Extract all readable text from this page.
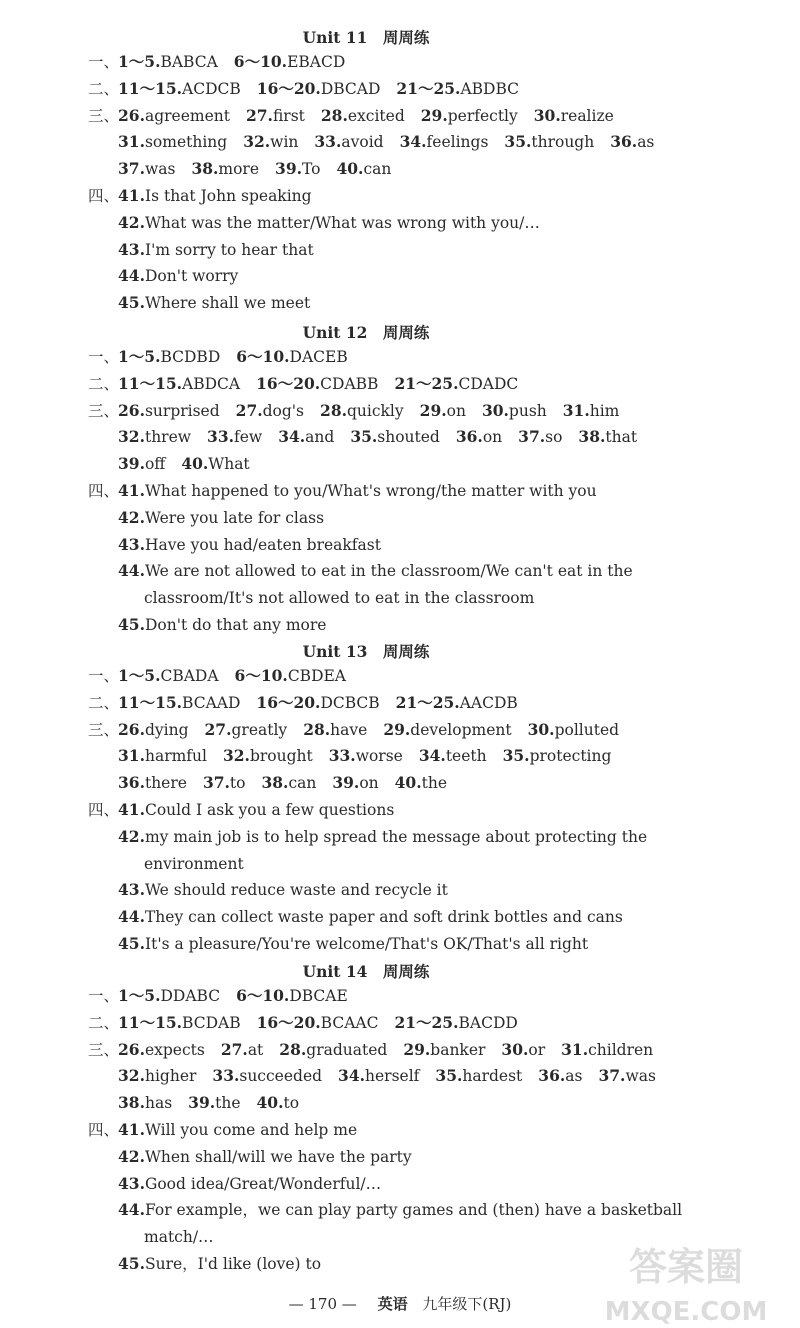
Unit 11　周周练
一、1～5.BABCA 6～10.EBACD
二、11～15.ACDCB 16～20.DBCAD 21～25.ABDBC
三、26.agreement 27.first 28.excited 29.perfectly 30.realize
31.something 32.win 33.avoid 34.feelings 35.through 36.as
37.was 38.more 39.To 40.can
四、41.Is that John speaking
42.What was the matter/What was wrong with you/…
43.I'm sorry to hear that
44.Don't worry
45.Where shall we meet
Unit 12　周周练
一、1～5.BCDBD 6～10.DACEB
二、11～15.ABDCA 16～20.CDABB 21～25.CDADC
三、26.surprised 27.dog's 28.quickly 29.on 30.push 31.him
32.threw 33.few 34.and 35.shouted 36.on 37.so 38.that
39.off 40.What
四、41.What happened to you/What's wrong/the matter with you
42.Were you late for class
43.Have you had/eaten breakfast
44.We are not allowed to eat in the classroom/We can't eat in the
classroom/It's not allowed to eat in the classroom
45.Don't do that any more
Unit 13　周周练
一、1～5.CBADA 6～10.CBDEA
二、11～15.BCAAD 16～20.DCBCB 21～25.AACDB
三、26.dying 27.greatly 28.have 29.development 30.polluted
31.harmful 32.brought 33.worse 34.teeth 35.protecting
36.there 37.to 38.can 39.on 40.the
四、41.Could I ask you a few questions
42.my main job is to help spread the message about protecting the
environment
43.We should reduce waste and recycle it
44.They can collect waste paper and soft drink bottles and cans
45.It's a pleasure/You're welcome/That's OK/That's all right
Unit 14　周周练
一、1～5.DDABC 6～10.DBCAE
二、11～15.BCDAB 16～20.BCAAC 21～25.BACDD
三、26.expects 27.at 28.graduated 29.banker 30.or 31.children
32.higher 33.succeeded 34.herself 35.hardest 36.as 37.was
38.has 39.the 40.to
四、41.Will you come and help me
42.When shall/will we have the party
43.Good idea/Great/Wonderful/…
44.For example，we can play party games and (then) have a basketball
match/…
45.Sure，I'd like (love) to
— 170 — 英语 九年级下(RJ)
答案圈
MXQE.COM
